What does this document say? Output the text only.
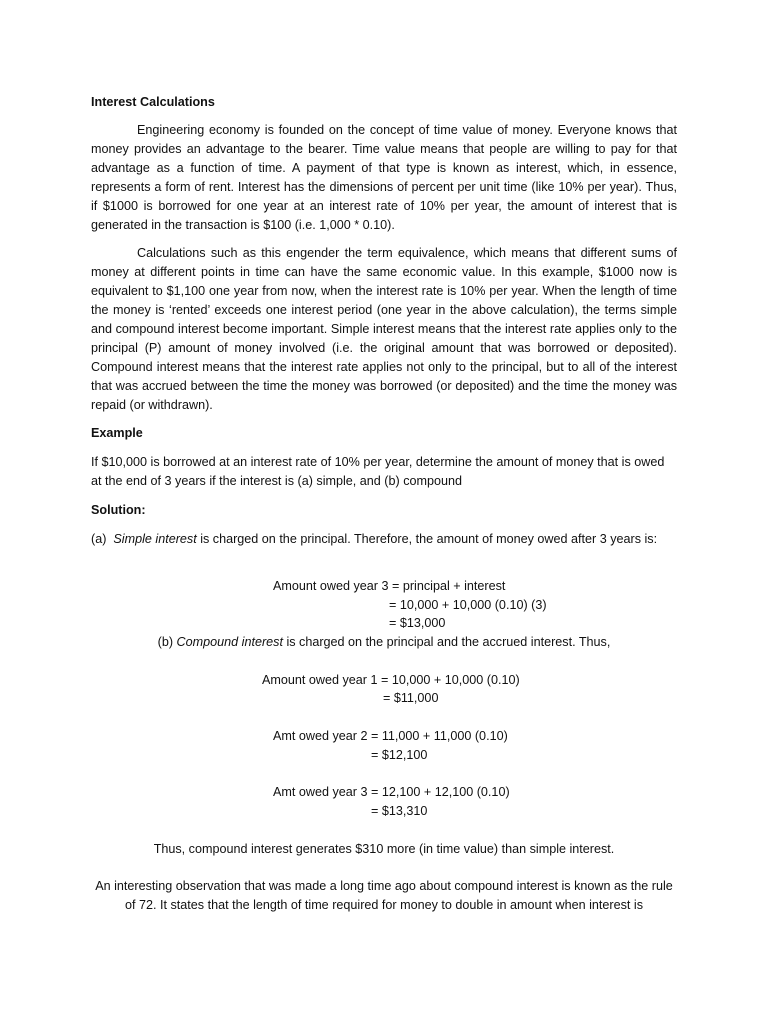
Interest Calculations

Engineering economy is founded on the concept of time value of money. Everyone knows that money provides an advantage to the bearer. Time value means that people are willing to pay for that advantage as a function of time. A payment of that type is known as interest, which, in essence, represents a form of rent. Interest has the dimensions of percent per unit time (like 10% per year). Thus, if $1000 is borrowed for one year at an interest rate of 10% per year, the amount of interest that is generated in the transaction is $100 (i.e. 1,000 * 0.10).

Calculations such as this engender the term equivalence, which means that different sums of money at different points in time can have the same economic value. In this example, $1000 now is equivalent to $1,100 one year from now, when the interest rate is 10% per year. When the length of time the money is ‘rented’ exceeds one interest period (one year in the above calculation), the terms simple and compound interest become important. Simple interest means that the interest rate applies only to the principal (P) amount of money involved (i.e. the original amount that was borrowed or deposited). Compound interest means that the interest rate applies not only to the principal, but to all of the interest that was accrued between the time the money was borrowed (or deposited) and the time the money was repaid (or withdrawn).

Example

If $10,000 is borrowed at an interest rate of 10% per year, determine the amount of money that is owed at the end of 3 years if the interest is (a) simple, and (b) compound

Solution:
(a) Simple interest is charged on the principal. Therefore, the amount of money owed after 3 years is:
Amount owed year 3 = principal + interest
= 10,000 + 10,000 (0.10) (3)
= $13,000
(b) Compound interest is charged on the principal and the accrued interest. Thus,
Amount owed year 1 = 10,000 + 10,000 (0.10)
= $11,000
Amt owed year 2 = 11,000 + 11,000 (0.10)
= $12,100
Amt owed year 3 = 12,100 + 12,100 (0.10)
= $13,310
Thus, compound interest generates $310 more (in time value) than simple interest.
An interesting observation that was made a long time ago about compound interest is known as the rule
of 72. It states that the length of time required for money to double in amount when interest is
